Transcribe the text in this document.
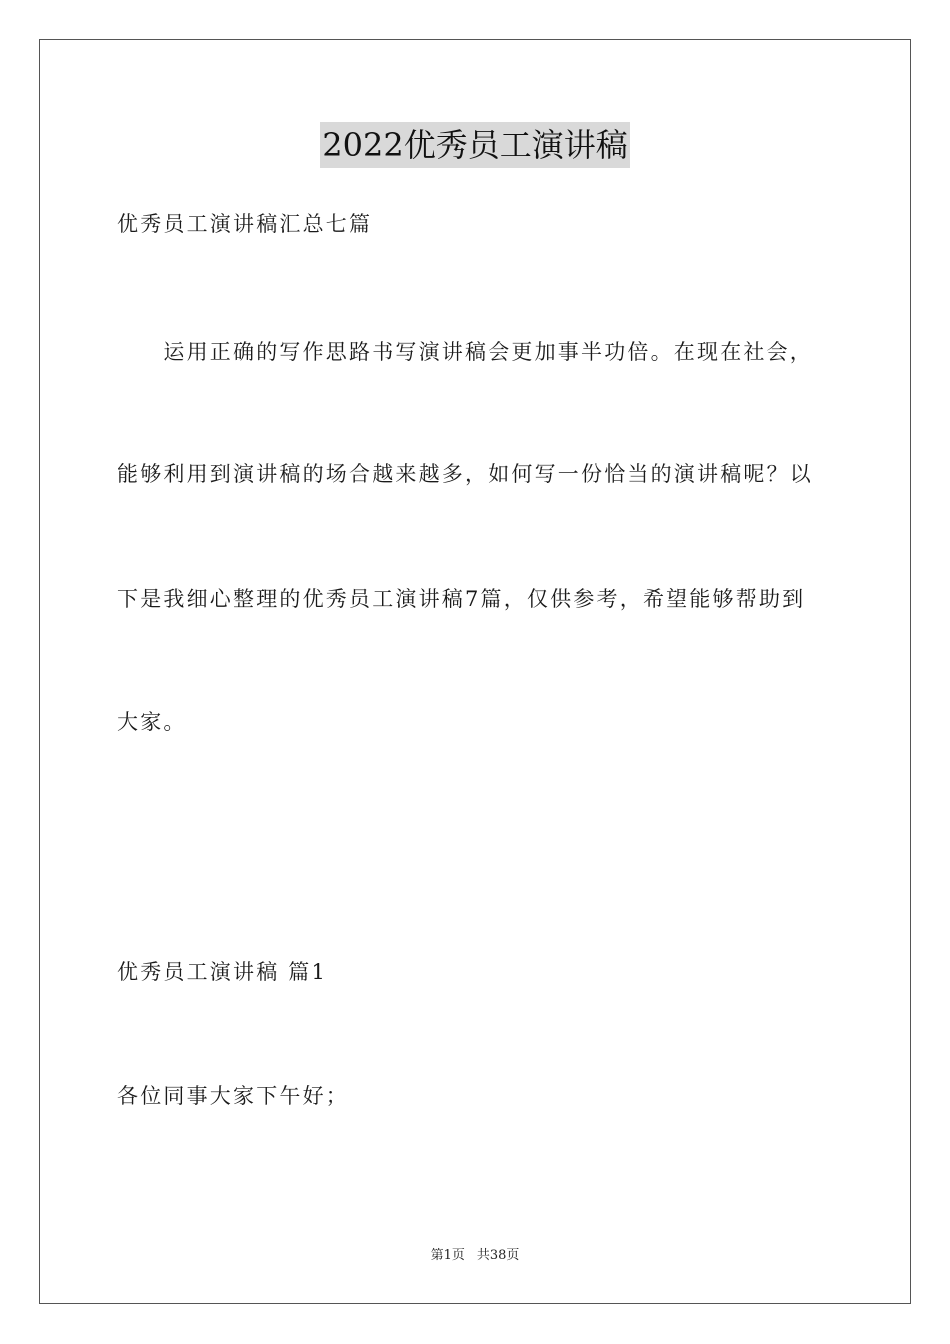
2022优秀员工演讲稿
优秀员工演讲稿汇总七篇
　　运用正确的写作思路书写演讲稿会更加事半功倍。在现在社会，
能够利用到演讲稿的场合越来越多，如何写一份恰当的演讲稿呢？以
下是我细心整理的优秀员工演讲稿7篇，仅供参考，希望能够帮助到
大家。
优秀员工演讲稿 篇1
各位同事大家下午好；
第1页 共38页
